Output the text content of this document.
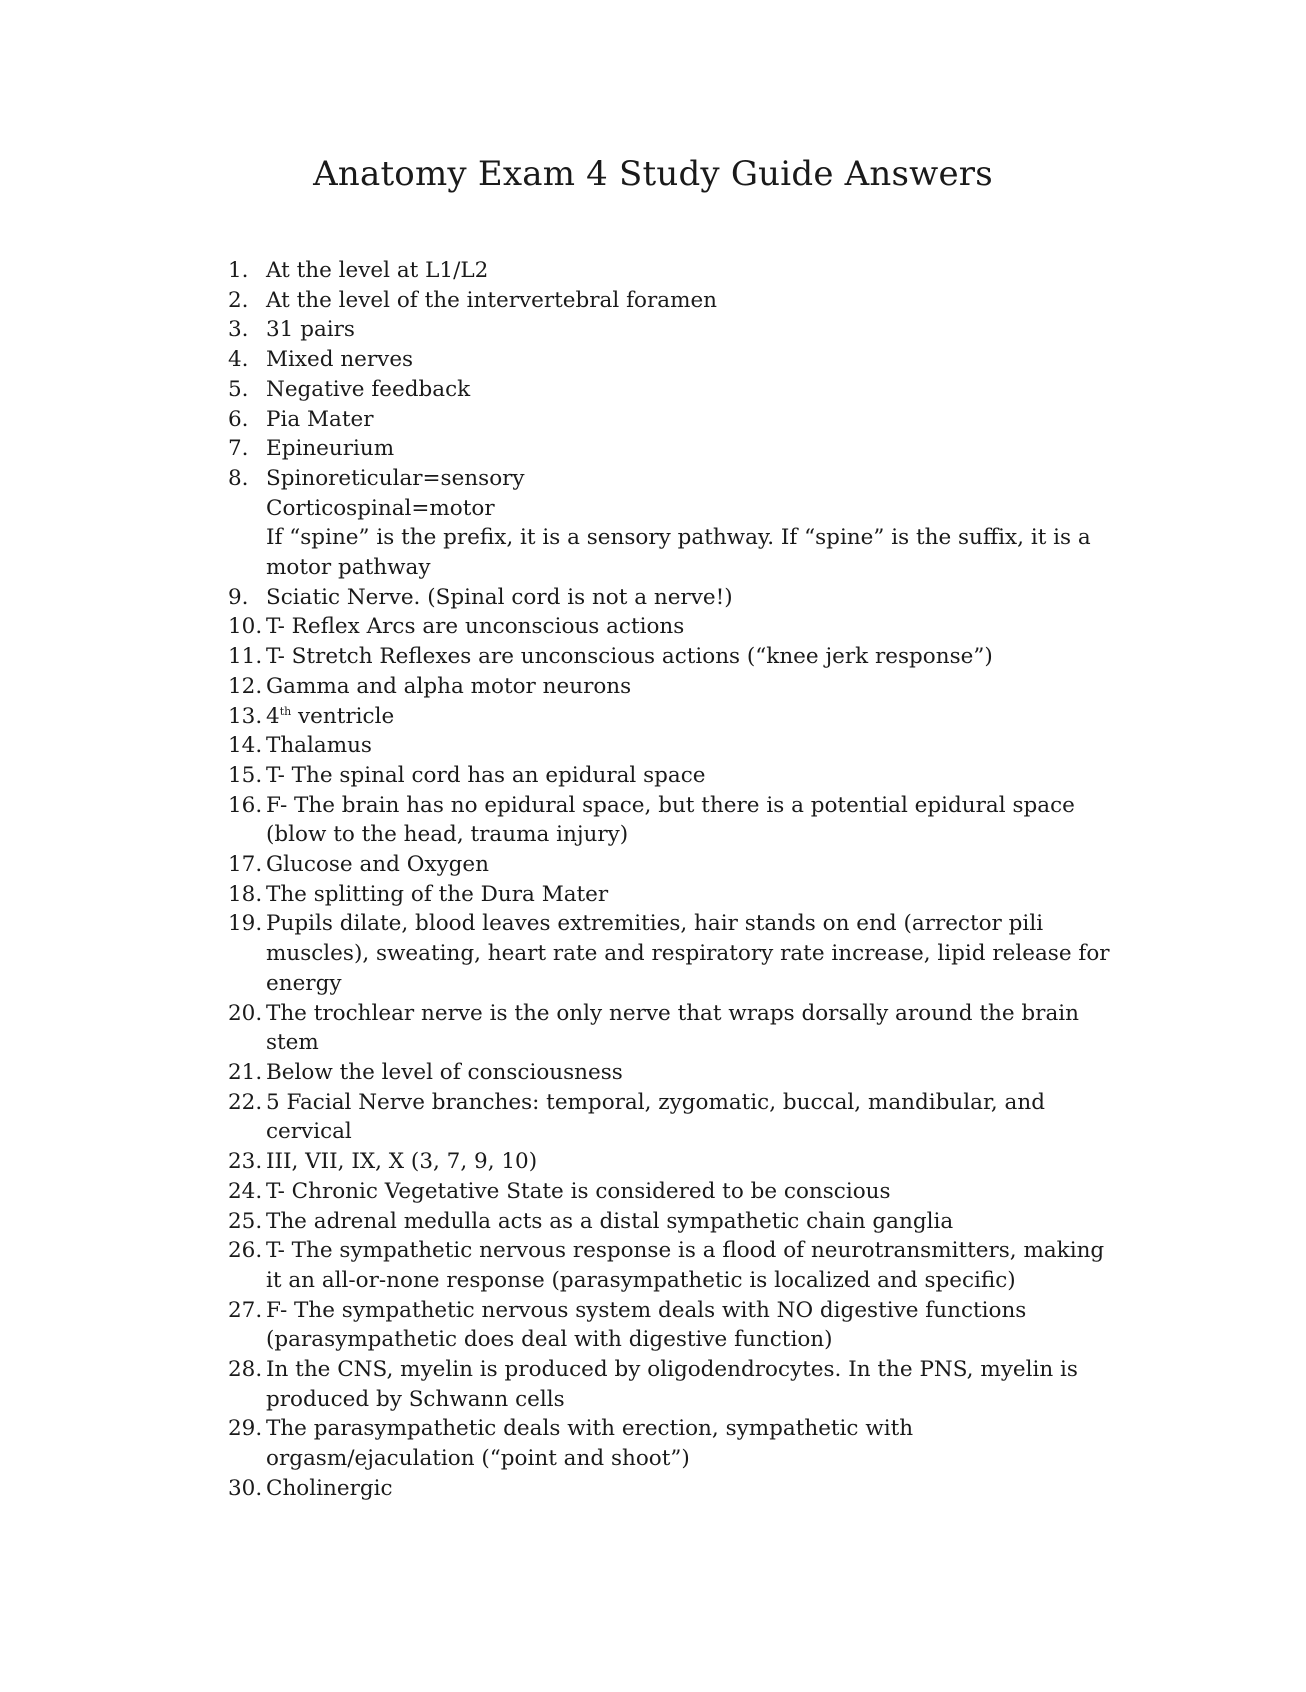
Anatomy Exam 4 Study Guide Answers
1. At the level at L1/L2
2. At the level of the intervertebral foramen
3. 31 pairs
4. Mixed nerves
5. Negative feedback
6. Pia Mater
7. Epineurium
8. Spinoreticular=sensory
Corticospinal=motor
If “spine” is the prefix, it is a sensory pathway. If “spine” is the suffix, it is a
motor pathway
9. Sciatic Nerve. (Spinal cord is not a nerve!)
10. T- Reflex Arcs are unconscious actions
11. T- Stretch Reflexes are unconscious actions (“knee jerk response”)
12. Gamma and alpha motor neurons
13. 4th ventricle
14. Thalamus
15. T- The spinal cord has an epidural space
16. F- The brain has no epidural space, but there is a potential epidural space
(blow to the head, trauma injury)
17. Glucose and Oxygen
18. The splitting of the Dura Mater
19. Pupils dilate, blood leaves extremities, hair stands on end (arrector pili
muscles), sweating, heart rate and respiratory rate increase, lipid release for
energy
20. The trochlear nerve is the only nerve that wraps dorsally around the brain
stem
21. Below the level of consciousness
22. 5 Facial Nerve branches: temporal, zygomatic, buccal, mandibular, and
cervical
23. III, VII, IX, X (3, 7, 9, 10)
24. T- Chronic Vegetative State is considered to be conscious
25. The adrenal medulla acts as a distal sympathetic chain ganglia
26. T- The sympathetic nervous response is a flood of neurotransmitters, making
it an all-or-none response (parasympathetic is localized and specific)
27. F- The sympathetic nervous system deals with NO digestive functions
(parasympathetic does deal with digestive function)
28. In the CNS, myelin is produced by oligodendrocytes. In the PNS, myelin is
produced by Schwann cells
29. The parasympathetic deals with erection, sympathetic with
orgasm/ejaculation (“point and shoot”)
30. Cholinergic
